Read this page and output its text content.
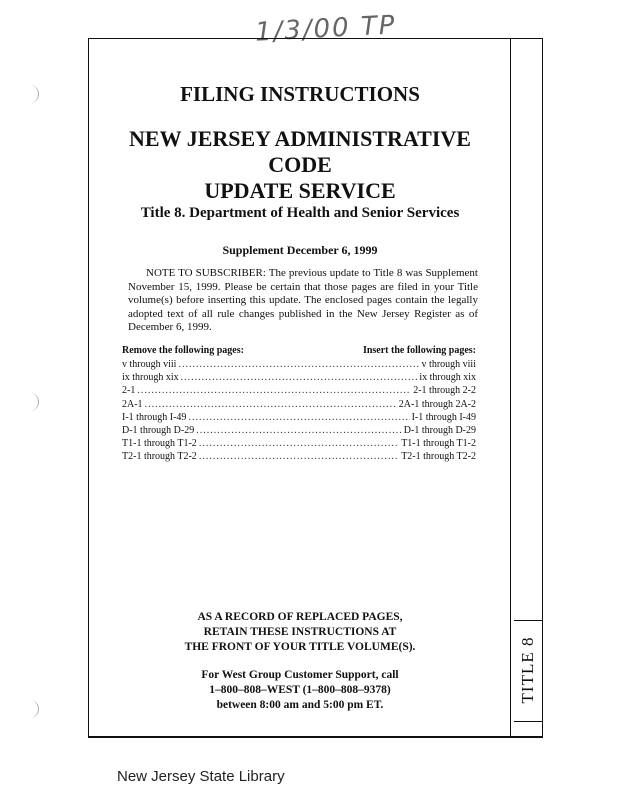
1/3/00 TP
TITLE 8
FILING INSTRUCTIONS
NEW JERSEY ADMINISTRATIVE CODE
UPDATE SERVICE
Title 8. Department of Health and Senior Services
Supplement December 6, 1999
NOTE TO SUBSCRIBER: The previous update to Title 8 was Supplement November 15, 1999. Please be certain that those pages are filed in your Title volume(s) before inserting this update. The enclosed pages contain the legally adopted text of all rule changes published in the New Jersey Register as of December 6, 1999.
Remove the following pages:	Insert the following pages:
v through viii .....	v through viii
ix through xix .....	ix through xix
2-1 .....	2-1 through 2-2
2A-1 .....	2A-1 through 2A-2
I-1 through I-49 .....	I-1 through I-49
D-1 through D-29 .....	D-1 through D-29
T1-1 through T1-2 .....	T1-1 through T1-2
T2-1 through T2-2 .....	T2-1 through T2-2
AS A RECORD OF REPLACED PAGES,
RETAIN THESE INSTRUCTIONS AT
THE FRONT OF YOUR TITLE VOLUME(S).
For West Group Customer Support, call
1–800–808–WEST (1–800–808–9378)
between 8:00 am and 5:00 pm ET.
New Jersey State Library
